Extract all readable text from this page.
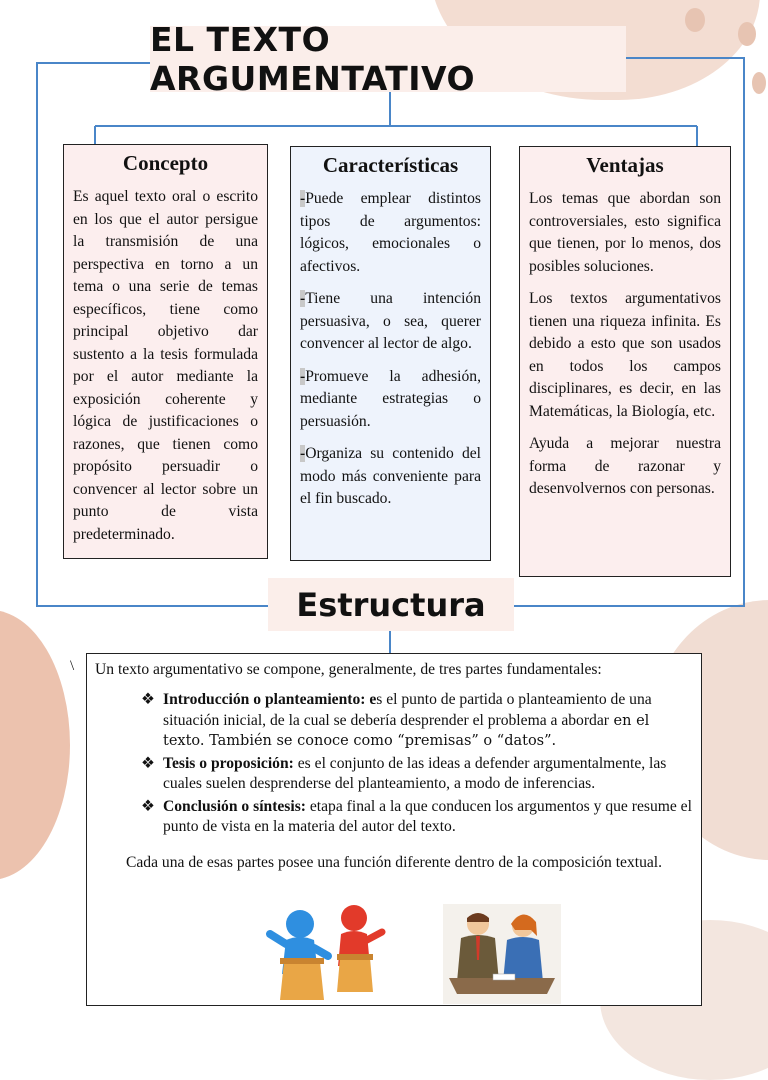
EL TEXTO ARGUMENTATIVO
Concepto

Es aquel texto oral o escrito en los que el autor persigue la transmisión de una perspectiva en torno a un tema o una serie de temas específicos, tiene como principal objetivo dar sustento a la tesis formulada por el autor mediante la exposición coherente y lógica de justificaciones o razones, que tienen como propósito persuadir o convencer al lector sobre un punto de vista predeterminado.

Características

-Puede emplear distintos tipos de argumentos: lógicos, emocionales o afectivos.

-Tiene una intención persuasiva, o sea, querer convencer al lector de algo.

-Promueve la adhesión, mediante estrategias o persuasión.

-Organiza su contenido del modo más conveniente para el fin buscado.

Ventajas

Los temas que abordan son controversiales, esto significa que tienen, por lo menos, dos posibles soluciones.

Los textos argumentativos tienen una riqueza infinita. Es debido a esto que son usados en todos los campos disciplinares, es decir, en las Matemáticas, la Biología, etc.

Ayuda a mejorar nuestra forma de razonar y desenvolvernos con personas.

Estructura
\ Un texto argumentativo se compone, generalmente, de tres partes fundamentales:

❖ Introducción o planteamiento: es el punto de partida o planteamiento de una situación inicial, de la cual se debería desprender el problema a abordar en el texto. También se conoce como “premisas” o “datos”.
❖ Tesis o proposición: es el conjunto de las ideas a defender argumentalmente, las cuales suelen desprenderse del planteamiento, a modo de inferencias.
❖ Conclusión o síntesis: etapa final a la que conducen los argumentos y que resume el punto de vista en la materia del autor del texto.

Cada una de esas partes posee una función diferente dentro de la composición textual.
